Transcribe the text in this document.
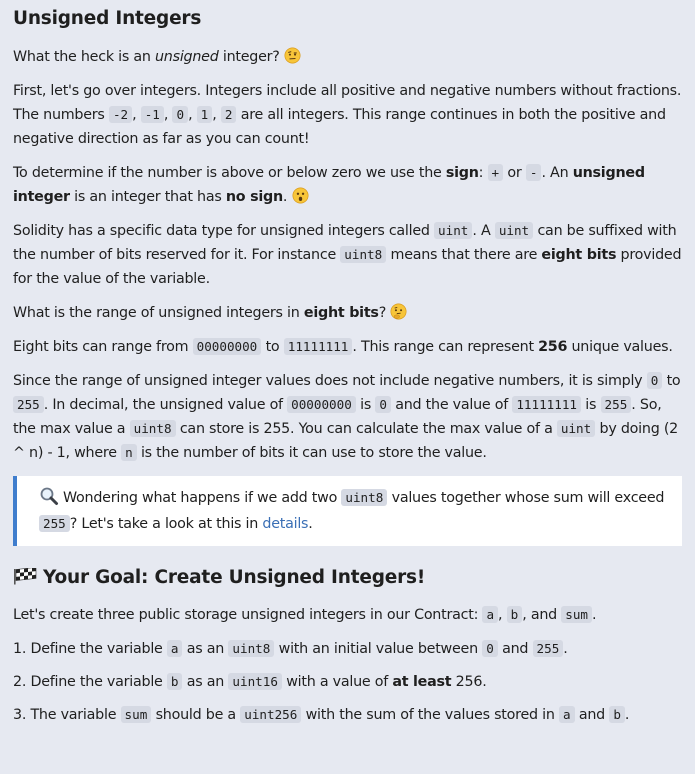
Unsigned Integers

What the heck is an unsigned integer?

First, let's go over integers. Integers include all positive and negative numbers without fractions. The numbers -2 , -1 , 0 , 1 , 2 are all integers. This range continues in both the positive and negative direction as far as you can count!

To determine if the number is above or below zero we use the sign: + or - . An unsigned integer is an integer that has no sign.

Solidity has a specific data type for unsigned integers called uint . A uint can be suffixed with the number of bits reserved for it. For instance uint8 means that there are eight bits provided for the value of the variable.

What is the range of unsigned integers in eight bits?

Eight bits can range from 00000000 to 11111111 . This range can represent 256 unique values.

Since the range of unsigned integer values does not include negative numbers, it is simply 0 to 255 . In decimal, the unsigned value of 00000000 is 0 and the value of 11111111 is 255 . So, the max value a uint8 can store is 255. You can calculate the max value of a uint by doing (2 ^ n) - 1, where n is the number of bits it can use to store the value.

Wondering what happens if we add two uint8 values together whose sum will exceed 255 ? Let's take a look at this in details.
Your Goal: Create Unsigned Integers!

Let's create three public storage unsigned integers in our Contract: a , b , and sum .

1. Define the variable a as an uint8 with an initial value between 0 and 255 .
2. Define the variable b as an uint16 with a value of at least 256.
3. The variable sum should be a uint256 with the sum of the values stored in a and b .
